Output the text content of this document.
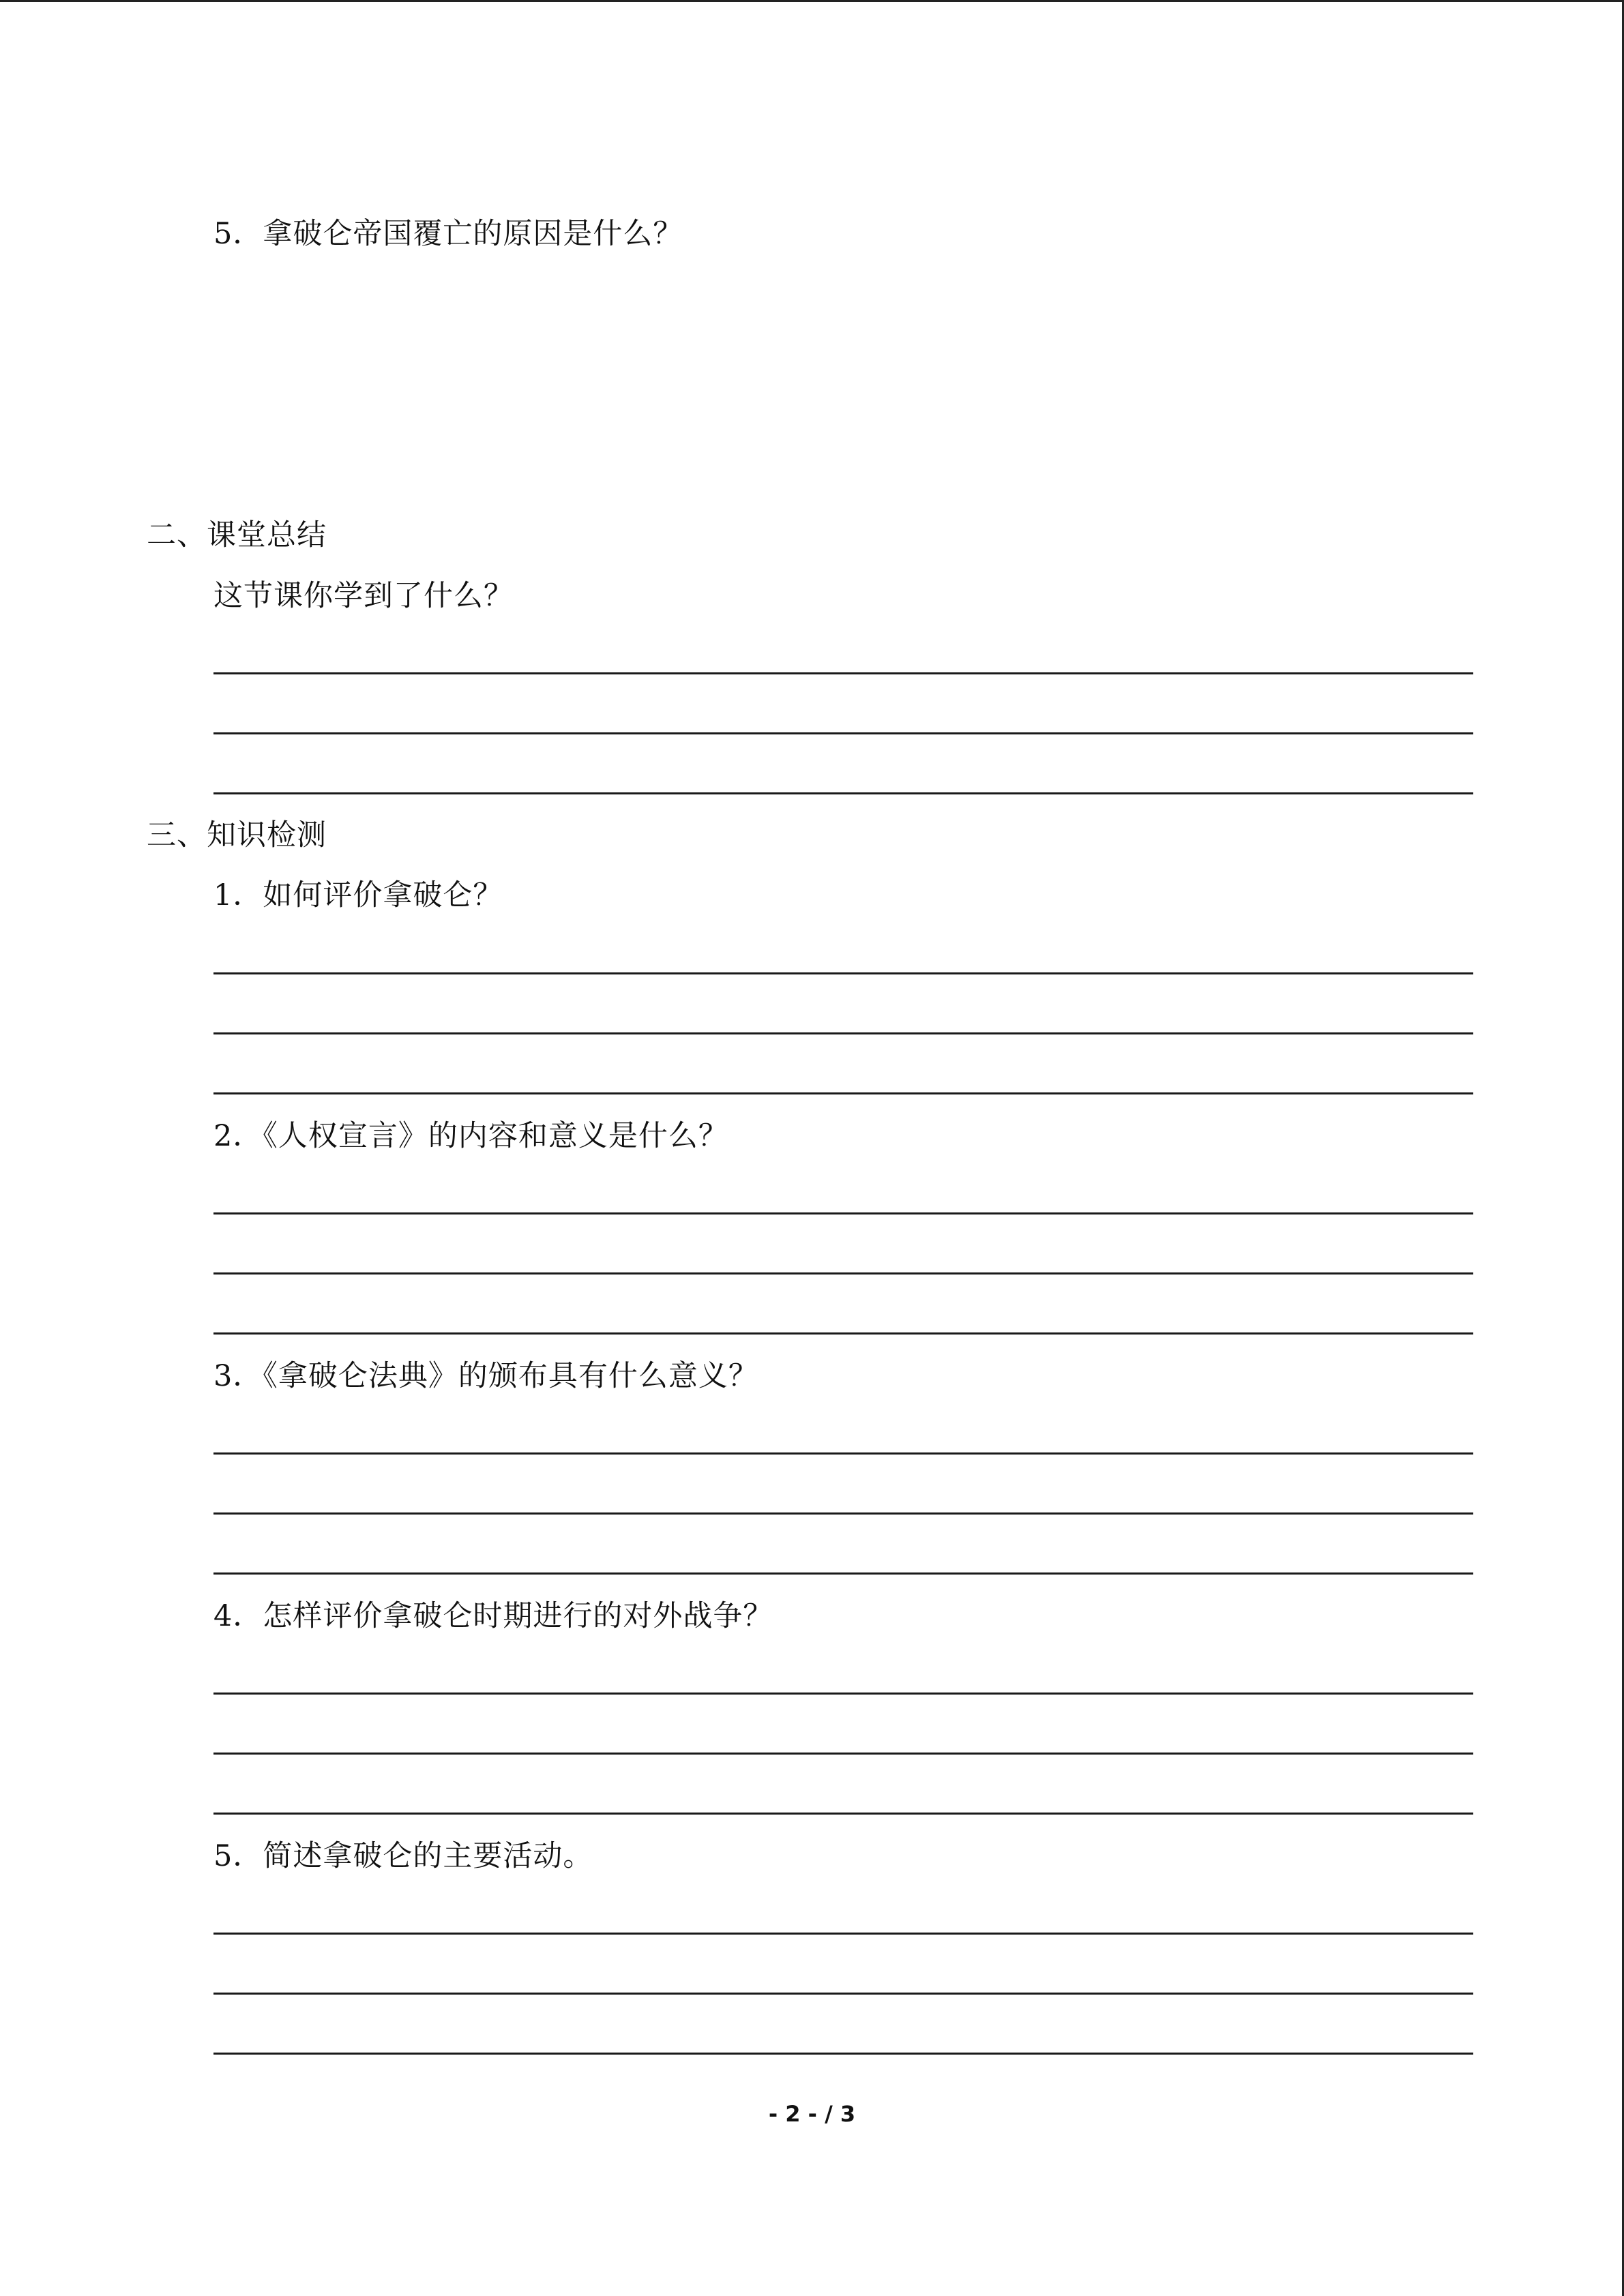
5．拿破仑帝国覆亡的原因是什么？
二、课堂总结
这节课你学到了什么？
三、知识检测
1．如何评价拿破仑？
2．《人权宣言》的内容和意义是什么？
3．《拿破仑法典》的颁布具有什么意义？
4．怎样评价拿破仑时期进行的对外战争？
5．简述拿破仑的主要活动。
- 2 - / 3
